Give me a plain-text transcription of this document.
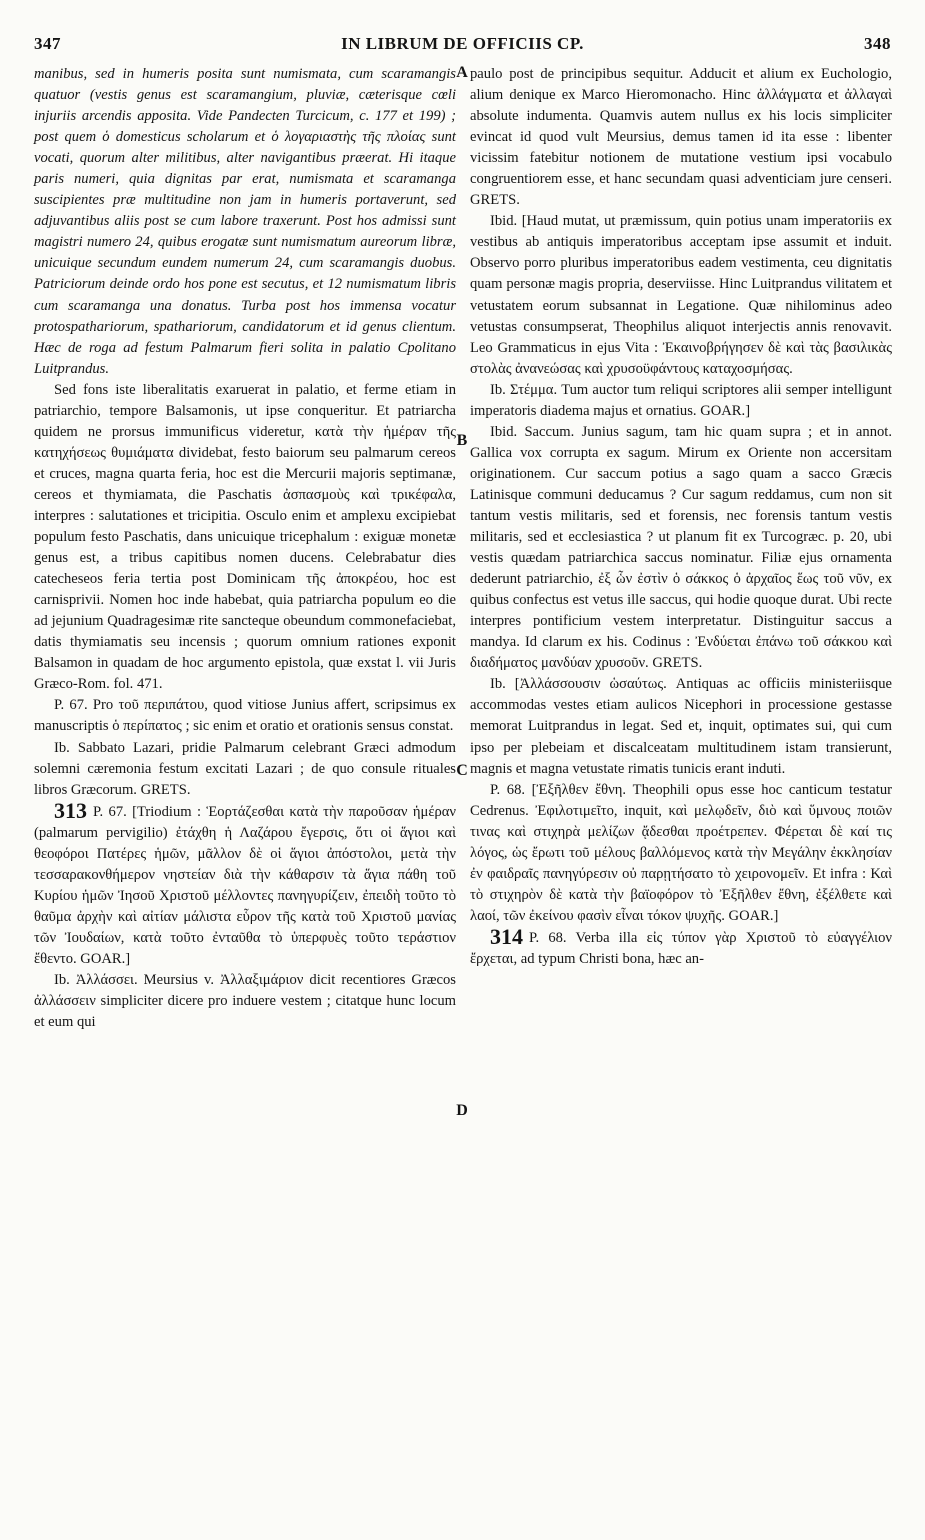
347	IN LIBRUM DE OFFICIIS CP.	348
A
B
C
D

manibus, sed in humeris posita sunt numismata, cum scaramangis quatuor (vestis genus est scaramangium, pluviæ, cæterisque cœli injuriis arcendis apposita. Vide Pandecten Turcicum, c. 177 et 199) ; post quem ὁ domesticus scholarum et ὁ λογαριαστὴς τῆς πλοίας sunt vocati, quorum alter militibus, alter navigantibus præerat. Hi itaque paris numeri, quia dignitas par erat, numismata et scaramanga suscipientes præ multitudine non jam in humeris portaverunt, sed adjuvantibus aliis post se cum labore traxerunt. Post hos admissi sunt magistri numero 24, quibus erogatæ sunt numismatum aureorum libræ, unicuique secundum eundem numerum 24, cum scaramangis duobus. Patriciorum deinde ordo hos pone est secutus, et 12 numismatum libris cum scaramanga una donatus. Turba post hos immensa vocatur protospathariorum, spathariorum, candidatorum et id genus clientum. Hæc de roga ad festum Palmarum fieri solita in palatio Cpolitano Luitprandus.

Sed fons iste liberalitatis exaruerat in palatio, et ferme etiam in patriarchio, tempore Balsamonis, ut ipse conqueritur. Et patriarcha quidem ne prorsus immunificus videretur, κατὰ τὴν ἡμέραν τῆς κατηχήσεως θυμιάματα dividebat, festo baiorum seu palmarum cereos et cruces, magna quarta feria, hoc est die Mercurii majoris septimanæ, cereos et thymiamata, die Paschatis ἀσπασμοὺς καὶ τρικέφαλα, interpres : salutationes et tricipitia. Osculo enim et amplexu excipiebat populum festo Paschatis, dans unicuique tricephalum : exiguæ monetæ genus est, a tribus capitibus nomen ducens. Celebrabatur dies catecheseos feria tertia post Dominicam τῆς ἀποκρέου, hoc est carnisprivii. Nomen hoc inde habebat, quia patriarcha populum eo die ad jejunium Quadragesimæ rite sancteque obeundum commonefaciebat, datis thymiamatis seu incensis ; quorum omnium rationes exponit Balsamon in quadam de hoc argumento epistola, quæ exstat l. vii Juris Græco-Rom. fol. 471.

P. 67. Pro τοῦ περιπάτου, quod vitiose Junius affert, scripsimus ex manuscriptis ὁ περίπατος ; sic enim et oratio et orationis sensus constat.

Ib. Sabbato Lazari, pridie Palmarum celebrant Græci admodum solemni cæremonia festum excitati Lazari ; de quo consule rituales libros Græcorum. GRETS.

313 P. 67. [Triodium : Ἑορτάζεσθαι κατὰ τὴν παροῦσαν ἡμέραν (palmarum pervigilio) ἐτάχθη ἡ Λαζάρου ἔγερσις, ὅτι οἱ ἅγιοι καὶ θεοφόροι Πατέρες ἡμῶν, μᾶλλον δὲ οἱ ἅγιοι ἀπόστολοι, μετὰ τὴν τεσσαρακονθήμερον νηστείαν διὰ τὴν κάθαρσιν τὰ ἅγια πάθη τοῦ Κυρίου ἡμῶν Ἰησοῦ Χριστοῦ μέλλοντες πανηγυρίζειν, ἐπειδὴ τοῦτο τὸ θαῦμα ἀρχὴν καὶ αἰτίαν μάλιστα εὗρον τῆς κατὰ τοῦ Χριστοῦ μανίας τῶν Ἰουδαίων, κατὰ τοῦτο ἐνταῦθα τὸ ὑπερφυὲς τοῦτο τεράστιον ἔθεντο. GOAR.]

Ib. Ἀλλάσσει. Meursius v. Ἀλλαξιμάριον dicit recentiores Græcos ἀλλάσσειν simpliciter dicere pro induere vestem ; citatque hunc locum et eum qui

paulo post de principibus sequitur. Adducit et alium ex Euchologio, alium denique ex Marco Hieromonacho. Hinc ἀλλάγματα et ἀλλαγαὶ absolute indumenta. Quamvis autem nullus ex his locis simpliciter evincat id quod vult Meursius, demus tamen id ita esse : libenter vicissim fatebitur notionem de mutatione vestium ipsi vocabulo congruentiorem esse, et hanc secundam quasi adventiciam jure censeri. GRETS.

Ibid. [Haud mutat, ut præmissum, quin potius unam imperatoriis ex vestibus ab antiquis imperatoribus acceptam ipse assumit et induit. Observo porro pluribus imperatoribus eadem vestimenta, ceu dignitatis quam personæ magis propria, deserviisse. Hinc Luitprandus vilitatem et vetustatem eorum subsannat in Legatione. Quæ nihilominus adeo vetustas consumpserat, Theophilus aliquot interjectis annis renovavit. Leo Grammaticus in ejus Vita : Ἐκαινοβρήγησεν δὲ καὶ τὰς βασιλικὰς στολὰς ἀνανεώσας καὶ χρυσοϋφάντους καταχοσμήσας.

Ib. Στέμμα. Tum auctor tum reliqui scriptores alii semper intelligunt imperatoris diadema majus et ornatius. GOAR.]

Ibid. Saccum. Junius sagum, tam hic quam supra ; et in annot. Gallica vox corrupta ex sagum. Mirum ex Oriente non accersitam originationem. Cur saccum potius a sago quam a sacco Græcis Latinisque communi deducamus ? Cur sagum reddamus, cum non sit tantum vestis militaris, sed et forensis, nec forensis tantum vestis militaris, sed et ecclesiastica ? ut planum fit ex Turcogræc. p. 20, ubi vestis quædam patriarchica saccus nominatur. Filiæ ejus ornamenta dederunt patriarchio, ἐξ ὧν ἐστὶν ὁ σάκκος ὁ ἀρχαῖος ἕως τοῦ νῦν, ex quibus confectus est vetus ille saccus, qui hodie quoque durat. Ubi recte interpres pontificium vestem interpretatur. Distinguitur saccus a mandya. Id clarum ex his. Codinus : Ἐνδύεται ἐπάνω τοῦ σάκκου καὶ διαδήματος μανδύαν χρυσοῦν. GRETS.

Ib. [Ἀλλάσσουσιν ὡσαύτως. Antiquas ac officiis ministeriisque accommodas vestes etiam aulicos Nicephori in processione gestasse memorat Luitprandus in legat. Sed et, inquit, optimates sui, qui cum ipso per plebeiam et discalceatam multitudinem istam transierunt, magnis et magna vetustate rimatis tunicis erant induti.

P. 68. [Ἐξῆλθεν ἔθνη. Theophili opus esse hoc canticum testatur Cedrenus. Ἐφιλοτιμεῖτο, inquit, καὶ μελῳδεῖν, διὸ καὶ ὕμνους ποιῶν τινας καὶ στιχηρὰ μελίζων ᾄδεσθαι προέτρεπεν. Φέρεται δὲ καί τις λόγος, ὡς ἔρωτι τοῦ μέλους βαλλόμενος κατὰ τὴν Μεγάλην ἐκκλησίαν ἐν φαιδραῖς πανηγύρεσιν οὐ παρῃτήσατο τὸ χειρονομεῖν. Et infra : Καὶ τὸ στιχηρὸν δὲ κατὰ τὴν βαϊοφόρον τὸ Ἐξῆλθεν ἔθνη, ἐξέλθετε καὶ λαοί, τῶν ἐκείνου φασὶν εἶναι τόκον ψυχῆς. GOAR.]

314 P. 68. Verba illa εἰς τύπον γὰρ Χριστοῦ τὸ εὐαγγέλιον ἔρχεται, ad typum Christi bona, hæc an-
